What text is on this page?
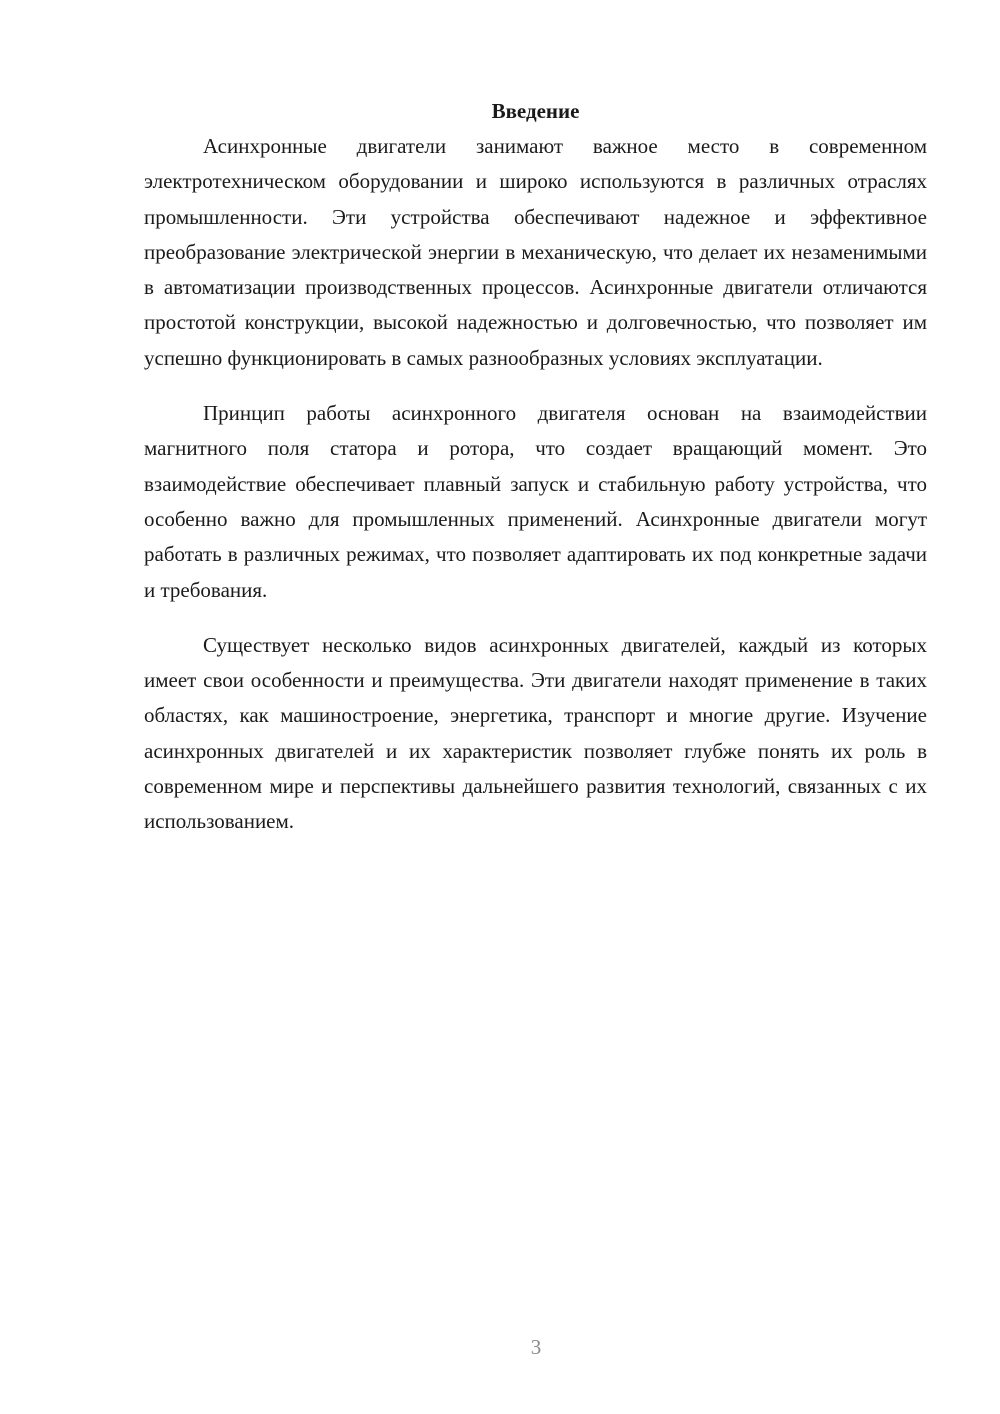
Введение

Асинхронные двигатели занимают важное место в современном электротехническом оборудовании и широко используются в различных отраслях промышленности. Эти устройства обеспечивают надежное и эффективное преобразование электрической энергии в механическую, что делает их незаменимыми в автоматизации производственных процессов. Асинхронные двигатели отличаются простотой конструкции, высокой надежностью и долговечностью, что позволяет им успешно функционировать в самых разнообразных условиях эксплуатации.

Принцип работы асинхронного двигателя основан на взаимодействии магнитного поля статора и ротора, что создает вращающий момент. Это взаимодействие обеспечивает плавный запуск и стабильную работу устройства, что особенно важно для промышленных применений. Асинхронные двигатели могут работать в различных режимах, что позволяет адаптировать их под конкретные задачи и требования.

Существует несколько видов асинхронных двигателей, каждый из которых имеет свои особенности и преимущества. Эти двигатели находят применение в таких областях, как машиностроение, энергетика, транспорт и многие другие. Изучение асинхронных двигателей и их характеристик позволяет глубже понять их роль в современном мире и перспективы дальнейшего развития технологий, связанных с их использованием.

3
